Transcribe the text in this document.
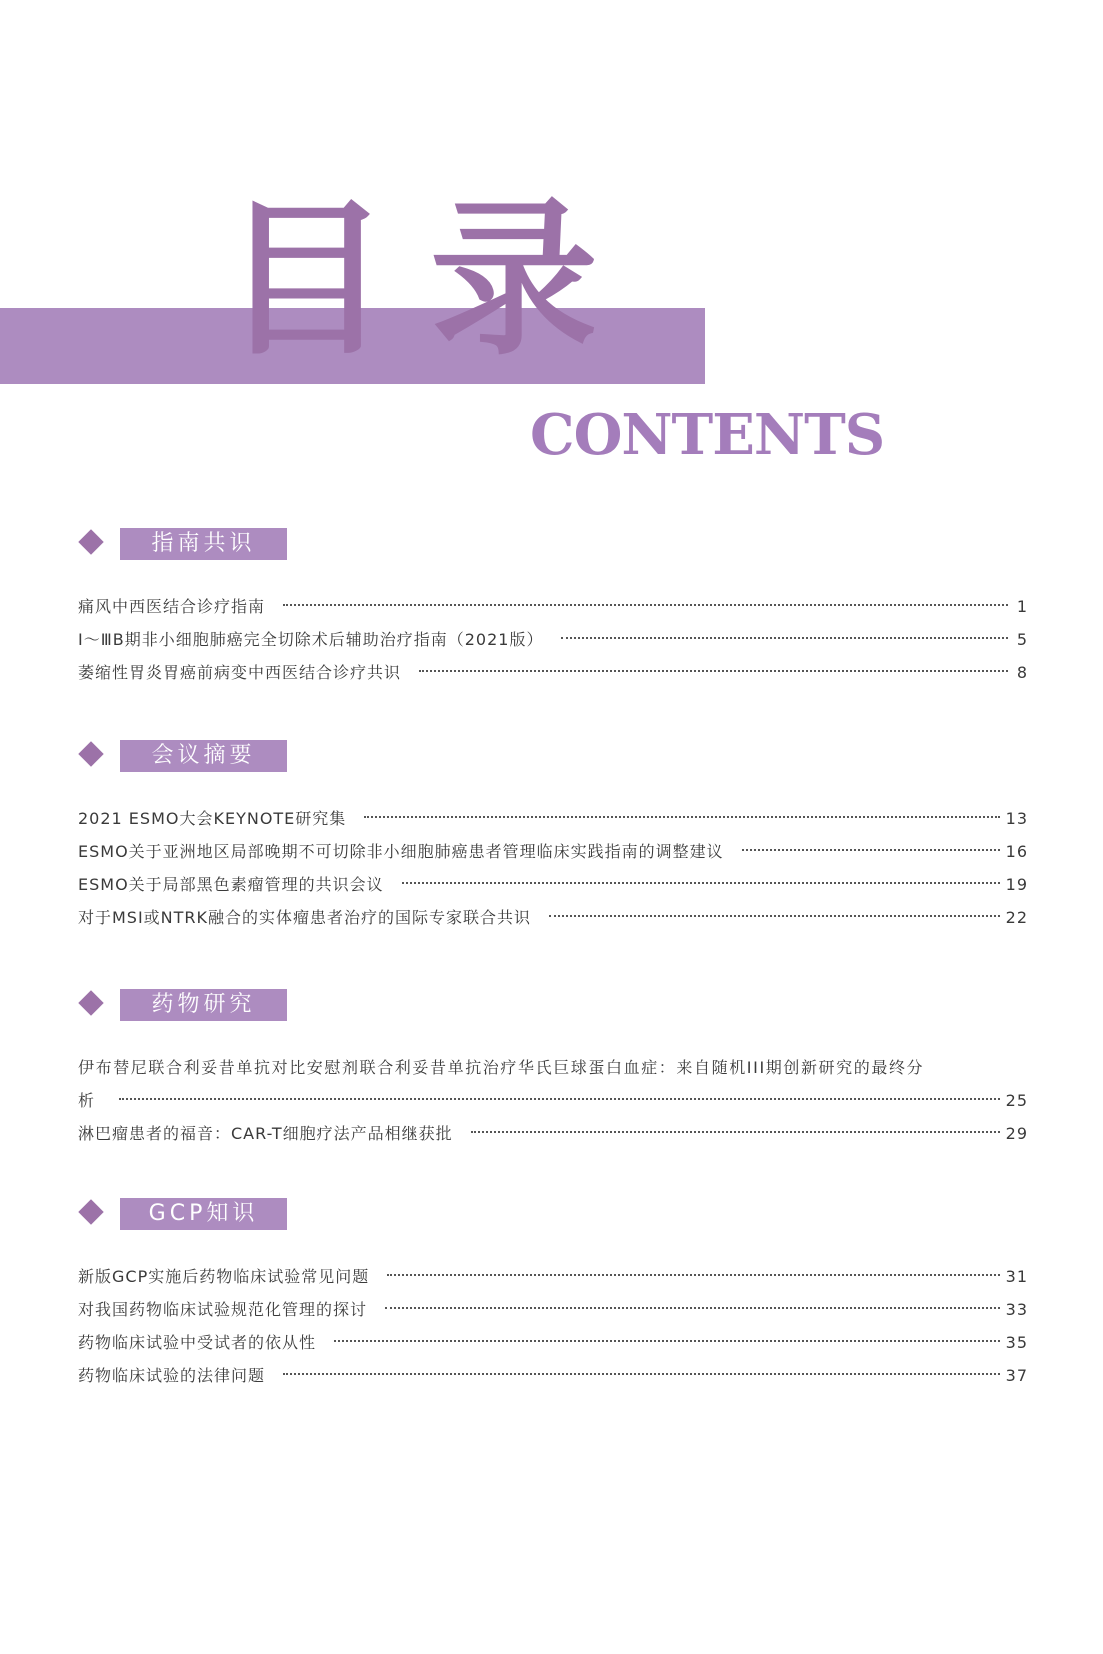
目录
CONTENTS
指南共识
痛风中西医结合诊疗指南	1
Ⅰ～ⅢB期非小细胞肺癌完全切除术后辅助治疗指南（2021版）	5
萎缩性胃炎胃癌前病变中西医结合诊疗共识	8
会议摘要
2021 ESMO大会KEYNOTE研究集	13
ESMO关于亚洲地区局部晚期不可切除非小细胞肺癌患者管理临床实践指南的调整建议	16
ESMO关于局部黑色素瘤管理的共识会议	19
对于MSI或NTRK融合的实体瘤患者治疗的国际专家联合共识	22
药物研究
伊布替尼联合利妥昔单抗对比安慰剂联合利妥昔单抗治疗华氏巨球蛋白血症：来自随机III期创新研究的最终分
析	25
淋巴瘤患者的福音：CAR-T细胞疗法产品相继获批	29
GCP知识
新版GCP实施后药物临床试验常见问题	31
对我国药物临床试验规范化管理的探讨	33
药物临床试验中受试者的依从性	35
药物临床试验的法律问题	37
